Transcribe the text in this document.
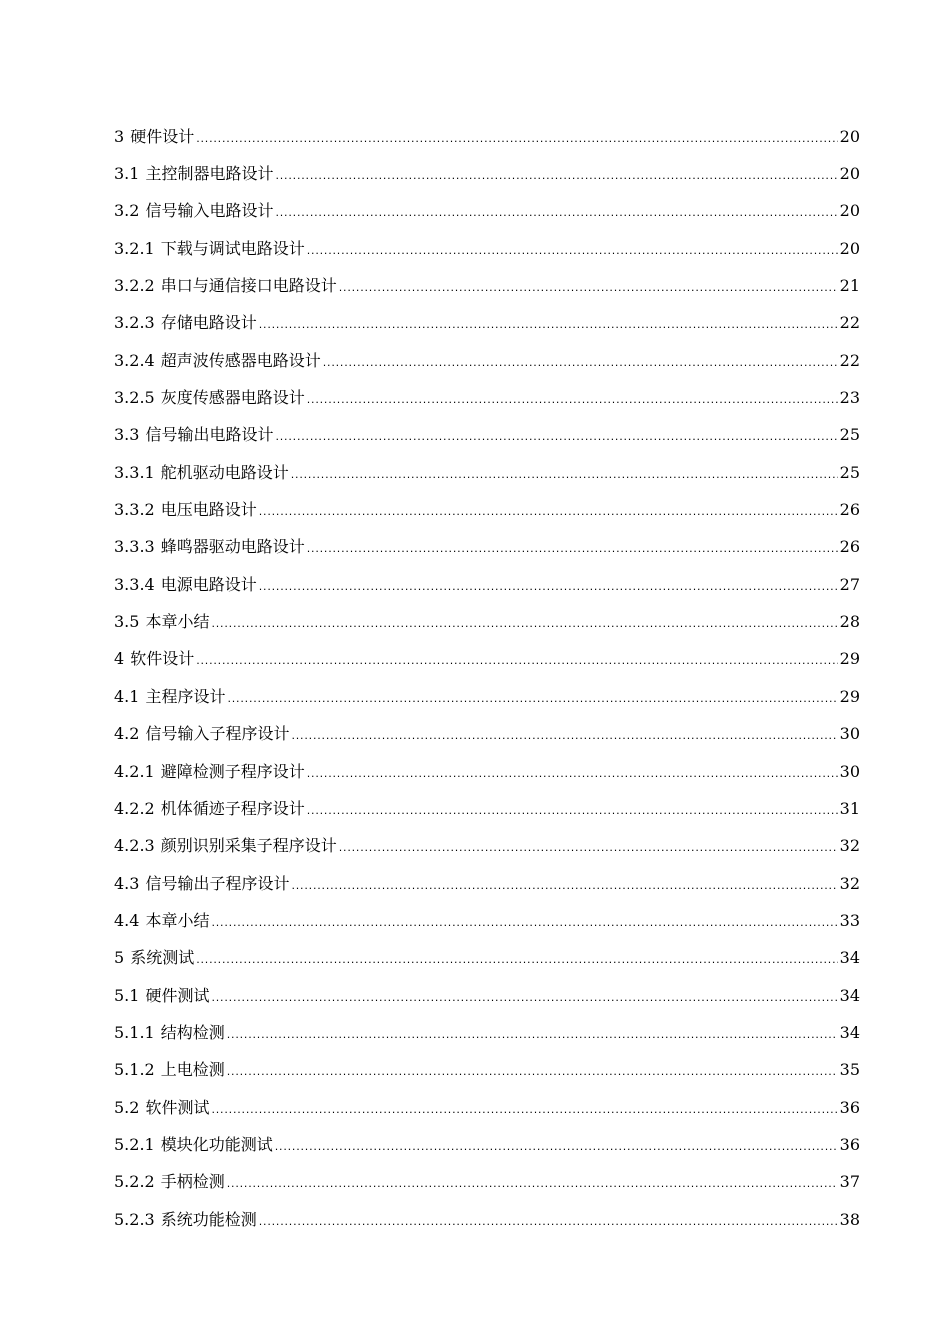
3 硬件设计 .....	20
3.1 主控制器电路设计 .....	20
3.2 信号输入电路设计 .....	20
3.2.1 下载与调试电路设计 .....	20
3.2.2 串口与通信接口电路设计 .....	21
3.2.3 存储电路设计 .....	22
3.2.4 超声波传感器电路设计 .....	22
3.2.5 灰度传感器电路设计 .....	23
3.3 信号输出电路设计 .....	25
3.3.1 舵机驱动电路设计 .....	25
3.3.2 电压电路设计 .....	26
3.3.3 蜂鸣器驱动电路设计 .....	26
3.3.4 电源电路设计 .....	27
3.5 本章小结 .....	28
4 软件设计 .....	29
4.1 主程序设计 .....	29
4.2 信号输入子程序设计 .....	30
4.2.1 避障检测子程序设计 .....	30
4.2.2 机体循迹子程序设计 .....	31
4.2.3 颜别识别采集子程序设计 .....	32
4.3 信号输出子程序设计 .....	32
4.4 本章小结 .....	33
5 系统测试 .....	34
5.1 硬件测试 .....	34
5.1.1 结构检测 .....	34
5.1.2 上电检测 .....	35
5.2 软件测试 .....	36
5.2.1 模块化功能测试 .....	36
5.2.2 手柄检测 .....	37
5.2.3 系统功能检测 .....	38
